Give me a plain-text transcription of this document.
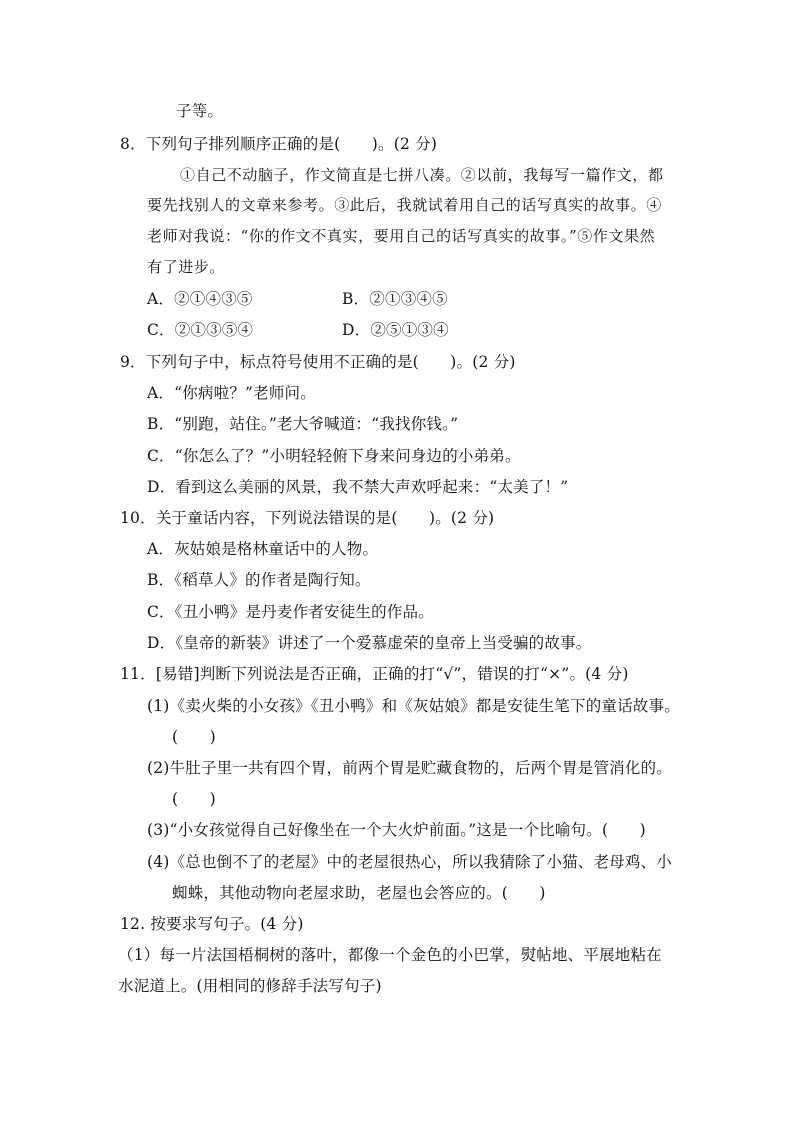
子等。
8．下列句子排列顺序正确的是(　　)。(2 分)
①自己不动脑子，作文简直是七拼八凑。②以前，我每写一篇作文，都
要先找别人的文章来参考。③此后，我就试着用自己的话写真实的故事。④
老师对我说：“你的作文不真实，要用自己的话写真实的故事。”⑤作文果然
有了进步。
A．②①④③⑤	B．②①③④⑤
C．②①③⑤④	D．②⑤①③④
9．下列句子中，标点符号使用不正确的是(　　)。(2 分)
A．“你病啦？”老师问。
B．“别跑，站住。”老大爷喊道：“我找你钱。”
C．“你怎么了？”小明轻轻俯下身来问身边的小弟弟。
D．看到这么美丽的风景，我不禁大声欢呼起来：“太美了！”
10．关于童话内容，下列说法错误的是(　　)。(2 分)
A．灰姑娘是格林童话中的人物。
B．《稻草人》的作者是陶行知。
C．《丑小鸭》是丹麦作者安徒生的作品。
D．《皇帝的新装》讲述了一个爱慕虚荣的皇帝上当受骗的故事。
11．[易错]判断下列说法是否正确，正确的打“√”，错误的打“×”。(4 分)
(1)《卖火柴的小女孩》《丑小鸭》和《灰姑娘》都是安徒生笔下的童话故事。
(　　)
(2)牛肚子里一共有四个胃，前两个胃是贮藏食物的，后两个胃是管消化的。
(　　)
(3)“小女孩觉得自己好像坐在一个大火炉前面。”这是一个比喻句。(　　)
(4)《总也倒不了的老屋》中的老屋很热心，所以我猜除了小猫、老母鸡、小
蜘蛛，其他动物向老屋求助，老屋也会答应的。(　　)
12. 按要求写句子。(4 分)
（1）每一片法国梧桐树的落叶，都像一个金色的小巴掌，熨帖地、平展地粘在
水泥道上。(用相同的修辞手法写句子)
